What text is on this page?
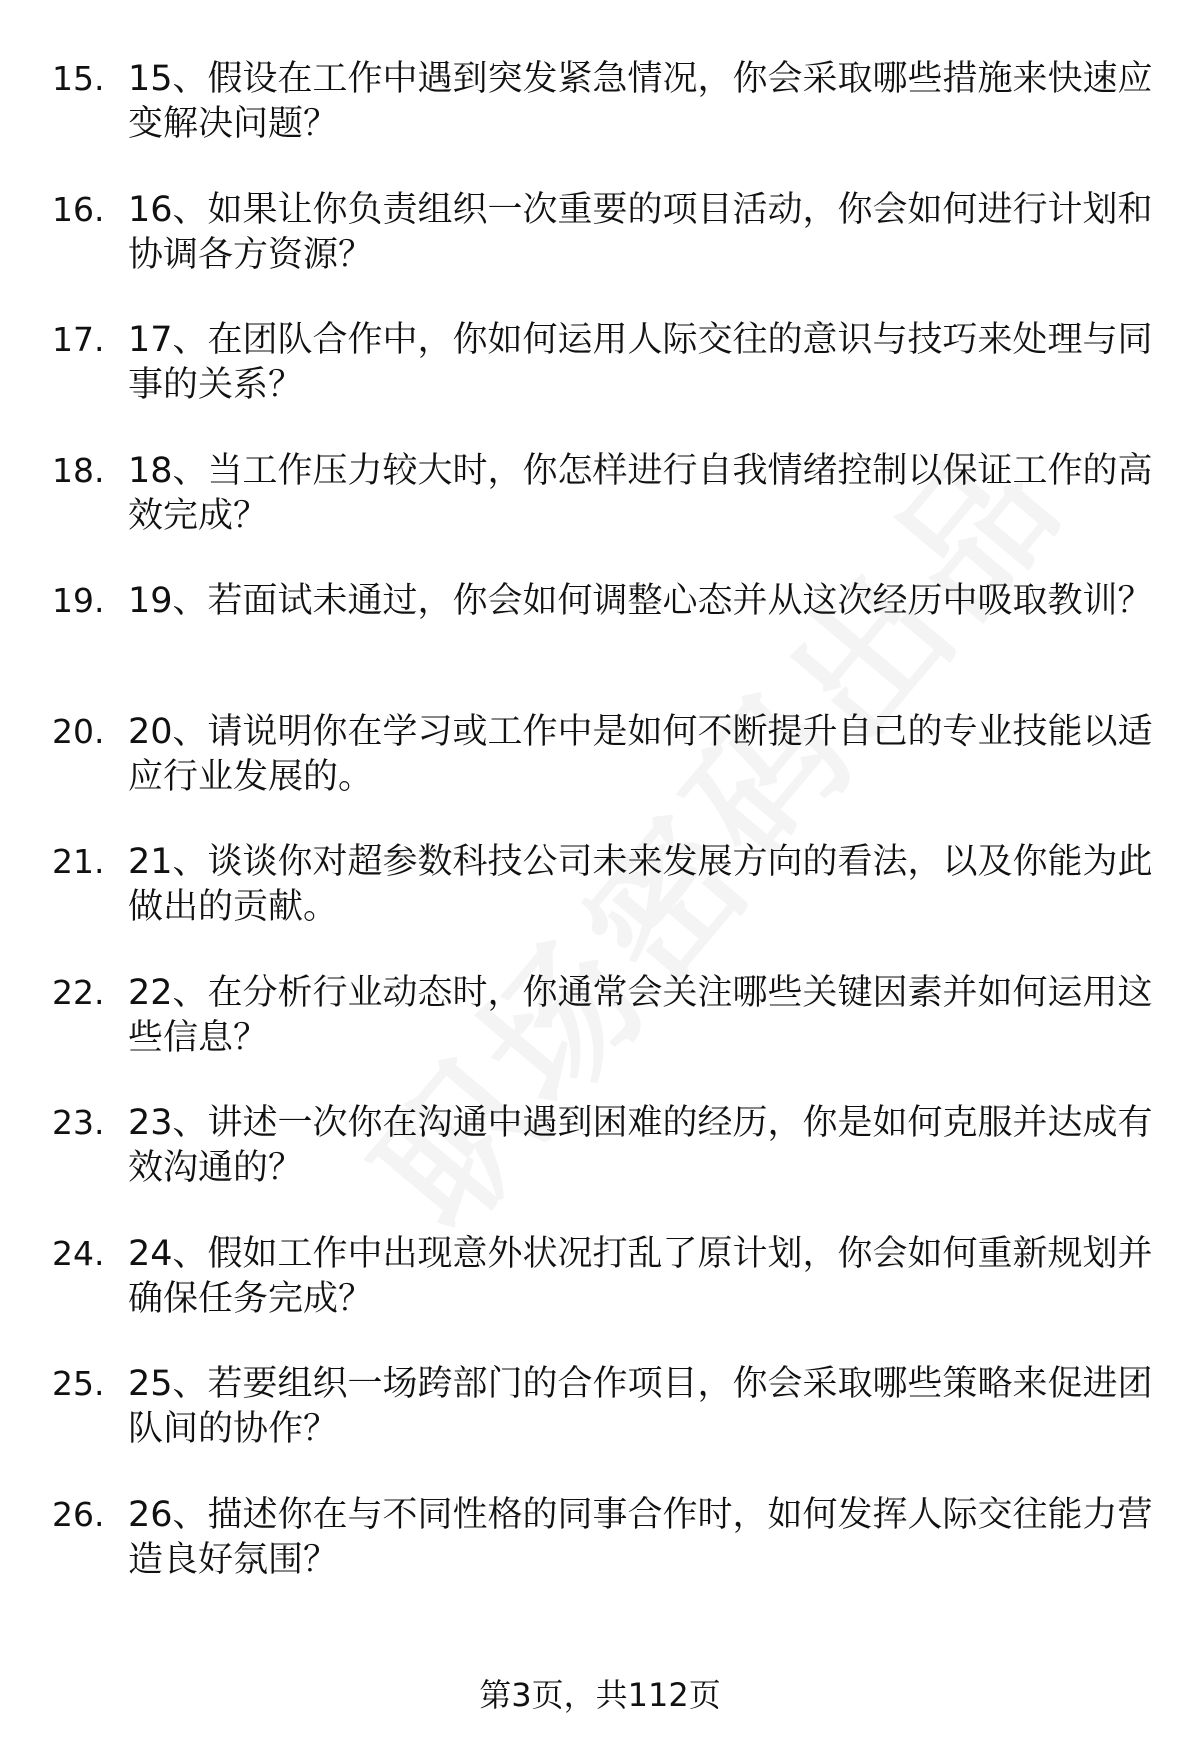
15. 15、假设在工作中遇到突发紧急情况，你会采取哪些措施来快速应变解决问题？
16. 16、如果让你负责组织一次重要的项目活动，你会如何进行计划和协调各方资源？
17. 17、在团队合作中，你如何运用人际交往的意识与技巧来处理与同事的关系？
18. 18、当工作压力较大时，你怎样进行自我情绪控制以保证工作的高效完成？
19. 19、若面试未通过，你会如何调整心态并从这次经历中吸取教训？
20. 20、请说明你在学习或工作中是如何不断提升自己的专业技能以适应行业发展的。
21. 21、谈谈你对超参数科技公司未来发展方向的看法，以及你能为此做出的贡献。
22. 22、在分析行业动态时，你通常会关注哪些关键因素并如何运用这些信息？
23. 23、讲述一次你在沟通中遇到困难的经历，你是如何克服并达成有效沟通的？
24. 24、假如工作中出现意外状况打乱了原计划，你会如何重新规划并确保任务完成？
25. 25、若要组织一场跨部门的合作项目，你会采取哪些策略来促进团队间的协作？
26. 26、描述你在与不同性格的同事合作时，如何发挥人际交往能力营造良好氛围？
第3页，共112页
